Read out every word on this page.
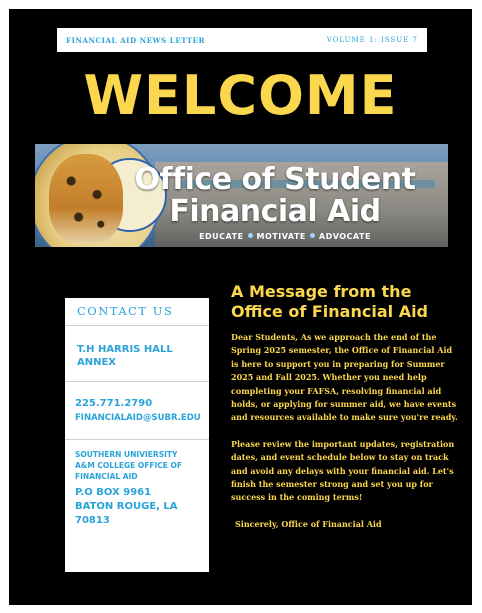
FINANCIAL AID NEWS LETTER	VOLUME 1: ISSUE 7
WELCOME
Office of Student
Financial Aid
EDUCATE MOTIVATE ADVOCATE
CONTACT US
T.H HARRIS HALL
ANNEX
225.771.2790
FINANCIALAID@SUBR.EDU
SOUTHERN UNIVIERSITY
A&M COLLEGE OFFICE OF
FINANCIAL AID
P.O BOX 9961
BATON ROUGE, LA
70813
A Message from the
Office of Financial Aid

Dear Students, As we approach the end of the Spring 2025 semester, the Office of Financial Aid is here to support you in preparing for Summer 2025 and Fall 2025. Whether you need help completing your FAFSA, resolving financial aid holds, or applying for summer aid, we have events and resources available to make sure you're ready.

Please review the important updates, registration dates, and event schedule below to stay on track and avoid any delays with your financial aid. Let's finish the semester strong and set you up for success in the coming terms!

Sincerely, Office of Financial Aid
